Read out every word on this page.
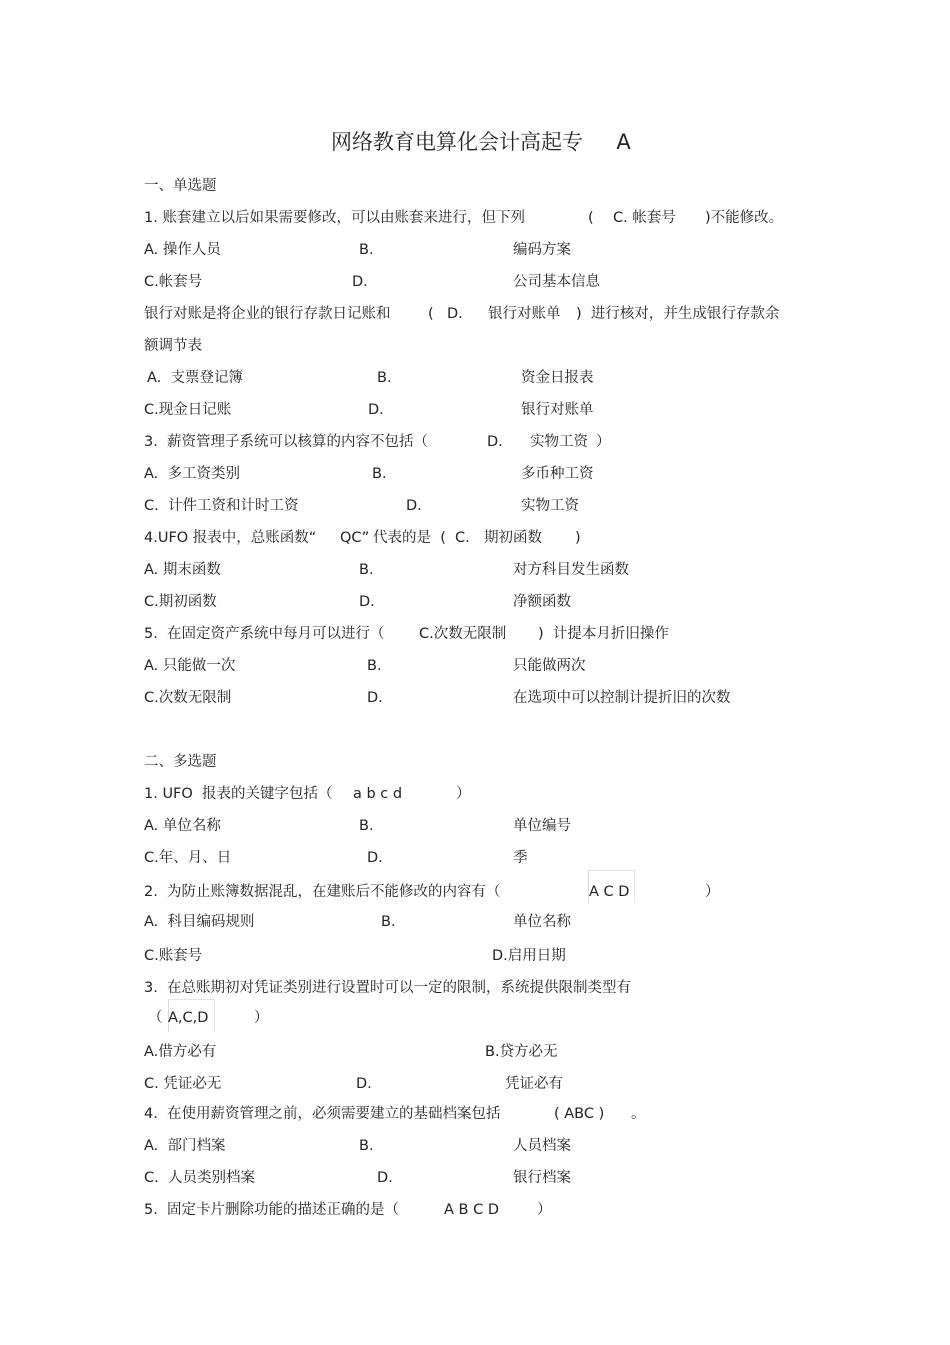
网络教育电算化会计高起专     A
一、单选题
1. 账套建立以后如果需要修改，可以由账套来进行，但下列	( C. 帐套号 )不能修改。
A. 操作人员	B.	编码方案
C.帐套号	D.	公司基本信息
银行对账是将企业的银行存款日记账和	( D. 银行对账单 )  进行核对，并生成银行存款余
额调节表
A.  支票登记簿	B.	资金日报表
C.现金日记账	D.	银行对账单
3.  薪资管理子系统可以核算的内容不包括（	D. 实物工资 ）
A.  多工资类别	B.	多币种工资
C.  计件工资和计时工资	D.	实物工资
4.UFO 报表中，总账函数“ QC” 代表的是  ( C. 期初函数 )
A. 期末函数	B.	对方科目发生函数
C.期初函数	D.	净额函数
5.  在固定资产系统中每月可以进行（ C.次数无限制 )  计提本月折旧操作
A. 只能做一次	B.	只能做两次
C.次数无限制	D.	在选项中可以控制计提折旧的次数
二、多选题
1. UFO  报表的关键字包括（ a b c d	）
A. 单位名称	B.	单位编号
C.年、月、日	D.	季
2.  为防止账簿数据混乱，在建账后不能修改的内容有（	A C D	）
A.  科目编码规则	B.	单位名称
C.账套号	D.启用日期
3.  在总账期初对凭证类别进行设置时可以一定的限制，系统提供限制类型有
（ A,C,D	）
A.借方必有	B.贷方必无
C. 凭证必无	D.	凭证必有
4.  在使用薪资管理之前，必须需要建立的基础档案包括	( ABC ) 。
A.  部门档案	B.	人员档案
C.  人员类别档案	D.	银行档案
5.  固定卡片删除功能的描述正确的是（	A B C D	）
